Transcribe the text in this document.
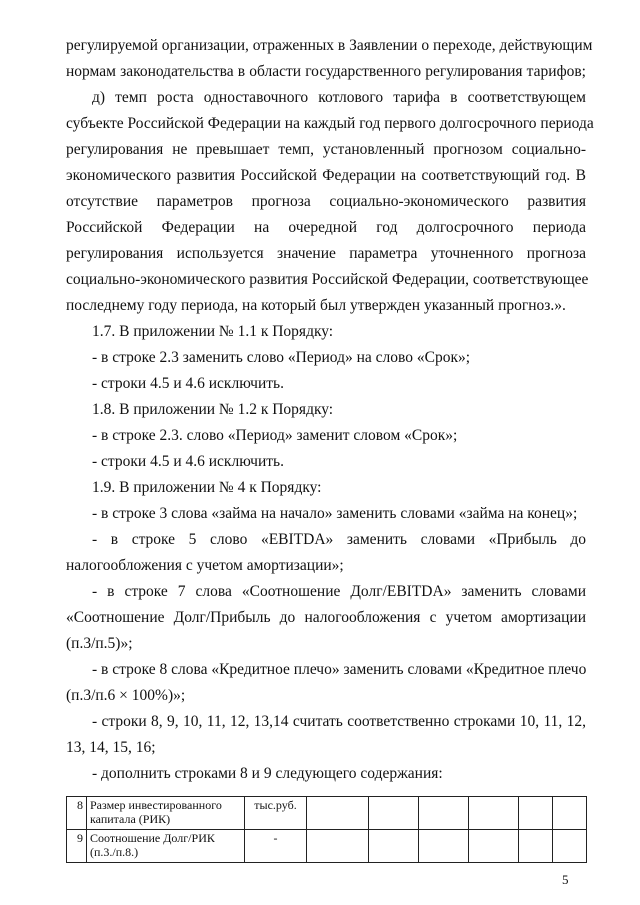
регулируемой организации, отраженных в Заявлении о переходе, действующим
нормам законодательства в области государственного регулирования тарифов;
д) темп роста одноставочного котлового тарифа в соответствующем
субъекте Российской Федерации на каждый год первого долгосрочного периода
регулирования не превышает темп, установленный прогнозом социально-
экономического развития Российской Федерации на соответствующий год. В
отсутствие параметров прогноза социально-экономического развития
Российской Федерации на очередной год долгосрочного периода
регулирования используется значение параметра уточненного прогноза
социально-экономического развития Российской Федерации, соответствующее
последнему году периода, на который был утвержден указанный прогноз.».
1.7. В приложении № 1.1 к Порядку:
- в строке 2.3 заменить слово «Период» на слово «Срок»;
- строки 4.5 и 4.6 исключить.
1.8. В приложении № 1.2 к Порядку:
- в строке 2.3. слово «Период» заменит словом «Срок»;
- строки 4.5 и 4.6 исключить.
1.9. В приложении № 4 к Порядку:
- в строке 3 слова «займа на начало» заменить словами «займа на конец»;
- в строке 5 слово «EBITDA» заменить словами «Прибыль до
налогообложения с учетом амортизации»;
- в строке 7 слова «Соотношение Долг/EBITDA» заменить словами
«Соотношение Долг/Прибыль до налогообложения с учетом амортизации
(п.3/п.5)»;
- в строке 8 слова «Кредитное плечо» заменить словами «Кредитное плечо
(п.3/п.6 × 100%)»;
- строки 8, 9, 10, 11, 12, 13,14 считать соответственно строками 10, 11, 12,
13, 14, 15, 16;
- дополнить строками 8 и 9 следующего содержания:
8	Размер инвестированного капитала (РИК)	тыс.руб.						
9	Соотношение Долг/РИК (п.3./п.8.)	-						
5
